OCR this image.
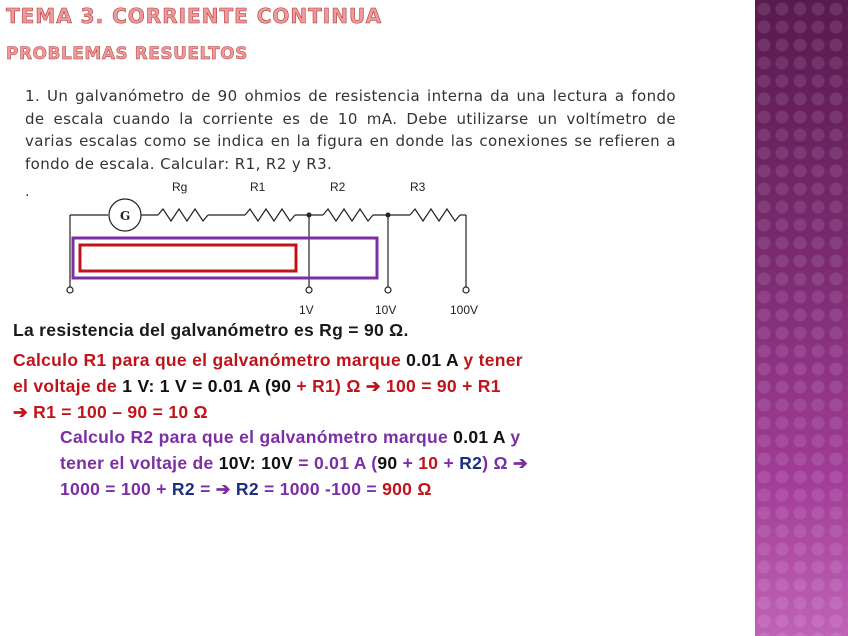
TEMA 3. CORRIENTE CONTINUA
PROBLEMAS RESUELTOS

1. Un galvanómetro de 90 ohmios de resistencia interna da una lectura a fondo de escala cuando la corriente es de 10 mA. Debe utilizarse un voltímetro de varias escalas como se indica en la figura en donde las conexiones se refieren a fondo de escala. Calcular: R1, R2 y R3.

.
G
Rg	R1	R2	R3
1V	10V	100V

La resistencia del galvanómetro es Rg = 90 Ω.

Calculo R1 para que el galvanómetro marque 0.01 A y tener

el voltaje de 1 V: 1 V = 0.01 A (90 + R1) Ω ➔ 100 = 90 + R1

➔ R1 = 100 – 90 = 10 Ω

Calculo R2 para que el galvanómetro marque 0.01 A y

tener el voltaje de 10V: 10V = 0.01 A (90 + 10 + R2) Ω ➔

1000 = 100 + R2 = ➔ R2 = 1000 -100 = 900 Ω
